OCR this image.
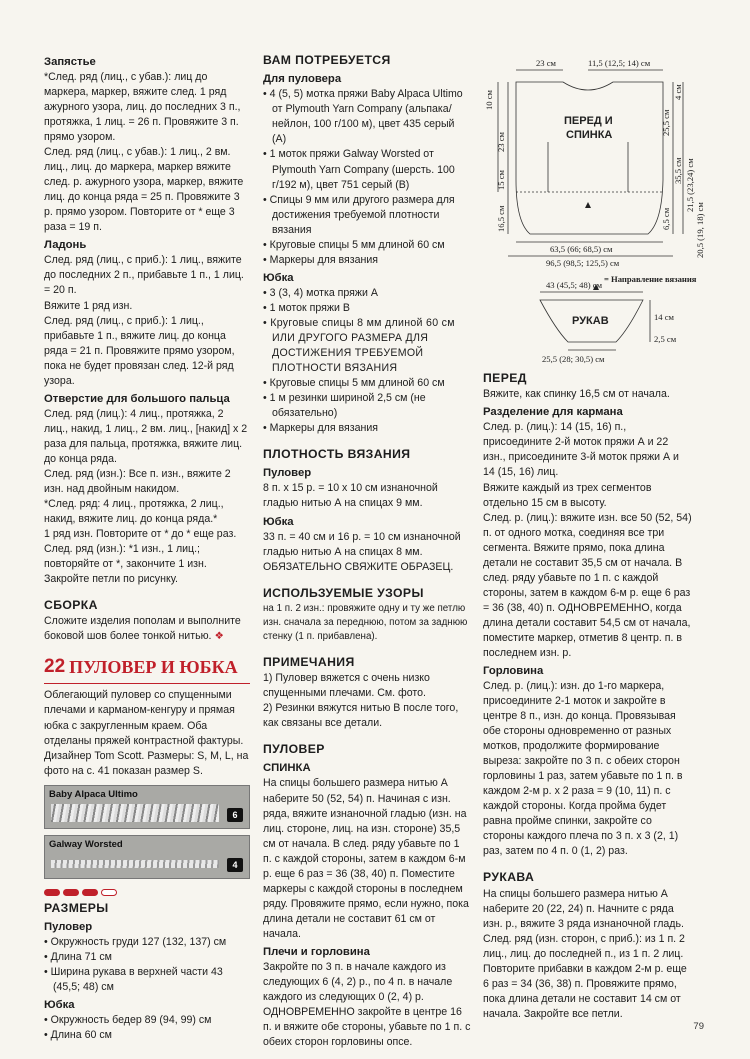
Запястье
*След. ряд (лиц., с убав.): лиц до маркера, маркер, вяжите след. 1 ряд ажурного узора, лиц. до последних 3 п., протяжка, 1 лиц. = 26 п. Провяжите 3 п. прямо узором.
След. ряд (лиц., с убав.): 1 лиц., 2 вм. лиц., лиц. до маркера, маркер вяжите след. р. ажурного узора, маркер, вяжите лиц. до конца ряда = 25 п. Провяжите 3 р. прямо узором. Повторите от * еще 3 раза = 19 п.
Ладонь
След. ряд (лиц., с приб.): 1 лиц., вяжите до последних 2 п., прибавьте 1 п., 1 лиц. = 20 п.
Вяжите 1 ряд изн.
След. ряд (лиц., с приб.): 1 лиц., прибавьте 1 п., вяжите лиц. до конца ряда = 21 п. Провяжите прямо узором, пока не будет провязан след. 12-й ряд узора.
Отверстие для большого пальца
След. ряд (лиц.): 4 лиц., протяжка, 2 лиц., накид, 1 лиц., 2 вм. лиц., [накид] х 2 раза для пальца, протяжка, вяжите лиц. до конца ряда.
След. ряд (изн.): Все п. изн., вяжите 2 изн. над двойным накидом.
*След. ряд: 4 лиц., протяжка, 2 лиц., накид, вяжите лиц. до конца ряда.*
1 ряд изн. Повторите от * до * еще раз.
След. ряд (изн.): *1 изн., 1 лиц.; повторяйте от *, закончите 1 изн.
Закройте петли по рисунку.
СБОРКА
Сложите изделия пополам и выполните боковой шов более тонкой нитью. ❖
22 ПУЛОВЕР И ЮБКА
Облегающий пуловер со спущенными плечами и карманом-кенгуру и прямая юбка с закругленным краем. Оба отделаны пряжей контрастной фактуры. Дизайнер Tom Scott. Размеры: S, M, L, на фото на с. 41 показан размер S.
Baby Alpaca Ultimo
6
Galway Worsted
4
РАЗМЕРЫ
Пуловер
• Окружность груди 127 (132, 137) см
• Длина 71 см
• Ширина рукава в верхней части 43 (45,5; 48) см
Юбка
• Окружность бедер 89 (94, 99) см
• Длина 60 см
ВАМ ПОТРЕБУЕТСЯ
Для пуловера
• 4 (5, 5) мотка пряжи Baby Alpaca Ultimo от Plymouth Yarn Company (альпака/нейлон, 100 г/100 м), цвет 435 серый (А)
• 1 моток пряжи Galway Worsted от Plymouth Yarn Company (шерсть. 100 г/192 м), цвет 751 серый (В)
• Спицы 9 мм или другого размера для достижения требуемой плотности вязания
• Круговые спицы 5 мм длиной 60 см
• Маркеры для вязания
Юбка
• 3 (3, 4) мотка пряжи А
• 1 моток пряжи В
• Круговые спицы 8 мм длиной 60 см ИЛИ ДРУГОГО РАЗМЕРА ДЛЯ ДОСТИЖЕНИЯ ТРЕБУЕМОЙ ПЛОТНОСТИ ВЯЗАНИЯ
• Круговые спицы 5 мм длиной 60 см
• 1 м резинки шириной 2,5 см (не обязательно)
• Маркеры для вязания
ПЛОТНОСТЬ ВЯЗАНИЯ
Пуловер
8 п. х 15 р. = 10 х 10 см изнаночной гладью нитью А на спицах 9 мм.
Юбка
33 п. = 40 см и 16 р. = 10 см изнаночной гладью нитью А на спицах 8 мм. ОБЯЗАТЕЛЬНО СВЯЖИТЕ ОБРАЗЕЦ.
ИСПОЛЬЗУЕМЫЕ УЗОРЫ
на 1 п. 2 изн.: провяжите одну и ту же петлю изн. сначала за переднюю, потом за заднюю стенку (1 п. прибавлена).
ПРИМЕЧАНИЯ
1) Пуловер вяжется с очень низко спущенными плечами. См. фото.
2) Резинки вяжутся нитью В после того, как связаны все детали.
ПУЛОВЕР
СПИНКА
На спицы большего размера нитью А наберите 50 (52, 54) п. Начиная с изн. ряда, вяжите изнаночной гладью (изн. на лиц. стороне, лиц. на изн. стороне) 35,5 см от начала. В след. ряду убавьте по 1 п. с каждой стороны, затем в каждом 6-м р. еще 6 раз = 36 (38, 40) п. Поместите маркеры с каждой стороны в последнем ряду. Провяжите прямо, если нужно, пока длина детали не составит 61 см от начала.
Плечи и горловина
Закройте по 3 п. в начале каждого из следующих 6 (4, 2) р., по 4 п. в начале каждого из следующих 0 (2, 4) р. ОДНОВРЕМЕННО закройте в центре 16 п. и вяжите обе стороны, убавьте по 1 п. с обеих сторон горловины опсе.
23 см	11,5 (12,5; 14) см
10 см
23 см
15 см
16,5 см
4 см
25,5 см
35,5 см
6,5 см
21,5 (23,24) см
20,5 (19, 18) см
ПЕРЕД И
СПИНКА
63,5 (66; 68,5) см
96,5 (98,5; 125,5) см
= Направление вязания
43 (45,5; 48) см
РУКАВ	14 см
2,5 см
25,5 (28; 30,5) см
ПЕРЕД
Вяжите, как спинку 16,5 см от начала.
Разделение для кармана
След. р. (лиц.): 14 (15, 16) п., присоедините 2-й моток пряжи А и 22 изн., присоедините 3-й моток пряжи А и 14 (15, 16) лиц.
Вяжите каждый из трех сегментов отдельно 15 см в высоту.
След. р. (лиц.): вяжите изн. все 50 (52, 54) п. от одного мотка, соединяя все три сегмента. Вяжите прямо, пока длина детали не составит 35,5 см от начала. В след. ряду убавьте по 1 п. с каждой стороны, затем в каждом 6-м р. еще 6 раз = 36 (38, 40) п. ОДНОВРЕМЕННО, когда длина детали составит 54,5 см от начала, поместите маркер, отметив 8 центр. п. в последнем изн. р.
Горловина
След. р. (лиц.): изн. до 1-го маркера, присоедините 2-1 моток и закройте в центре 8 п., изн. до конца. Провязывая обе стороны одновременно от разных мотков, продолжите формирование выреза: закройте по 3 п. с обеих сторон горловины 1 раз, затем убавьте по 1 п. в каждом 2-м р. х 2 раза = 9 (10, 11) п. с каждой стороны. Когда пройма будет равна пройме спинки, закройте со стороны каждого плеча по 3 п. х 3 (2, 1) раз, затем по 4 п. 0 (1, 2) раз.
РУКАВА
На спицы большего размера нитью А наберите 20 (22, 24) п. Начните с ряда изн. р., вяжите 3 ряда изнаночной гладь.
След. ряд (изн. сторон, с приб.): из 1 п. 2 лиц., лиц. до последней п., из 1 п. 2 лиц. Повторите прибавки в каждом 2-м р. еще 6 раз = 34 (36, 38) п. Провяжите прямо, пока длина детали не составит 14 см от начала. Закройте все петли.
79
